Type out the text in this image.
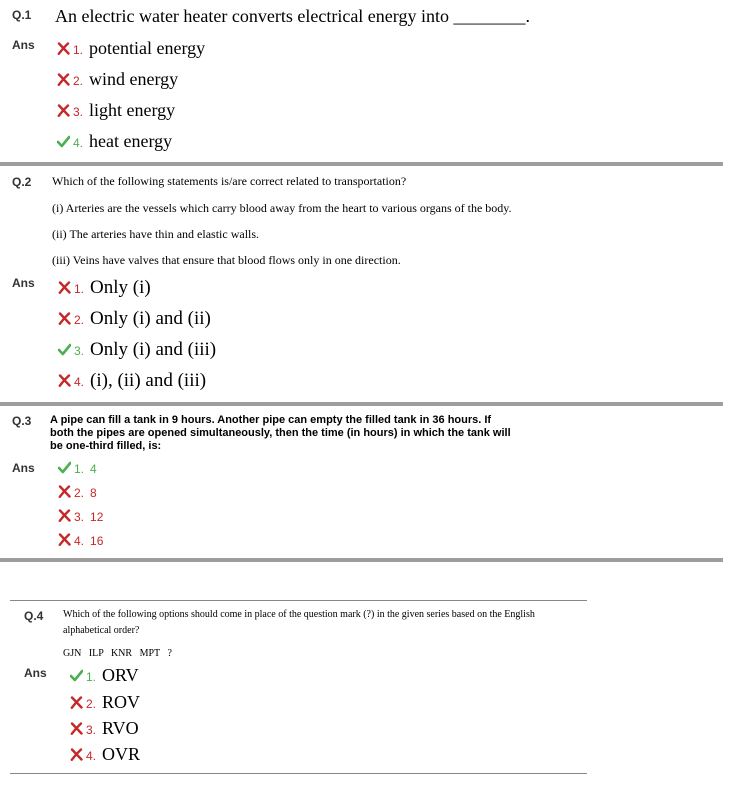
Q.1 An electric water heater converts electrical energy into ________.
Ans	1. potential energy
2. wind energy
3. light energy
4. heat energy
Q.2 Which of the following statements is/are correct related to transportation?
(i) Arteries are the vessels which carry blood away from the heart to various organs of the body.
(ii) The arteries have thin and elastic walls.
(iii) Veins have valves that ensure that blood flows only in one direction.
Ans	1. Only (i)
2. Only (i) and (ii)
3. Only (i) and (iii)
4. (i), (ii) and (iii)
Q.3 A pipe can fill a tank in 9 hours. Another pipe can empty the filled tank in 36 hours. If
both the pipes are opened simultaneously, then the time (in hours) in which the tank will
be one-third filled, is:
Ans	1. 4
2. 8
3. 12
4. 16
Q.4 Which of the following options should come in place of the question mark (?) in the given series based on the English
alphabetical order?
GJN   ILP   KNR   MPT   ?
Ans	1. ORV
2. ROV
3. RVO
4. OVR
